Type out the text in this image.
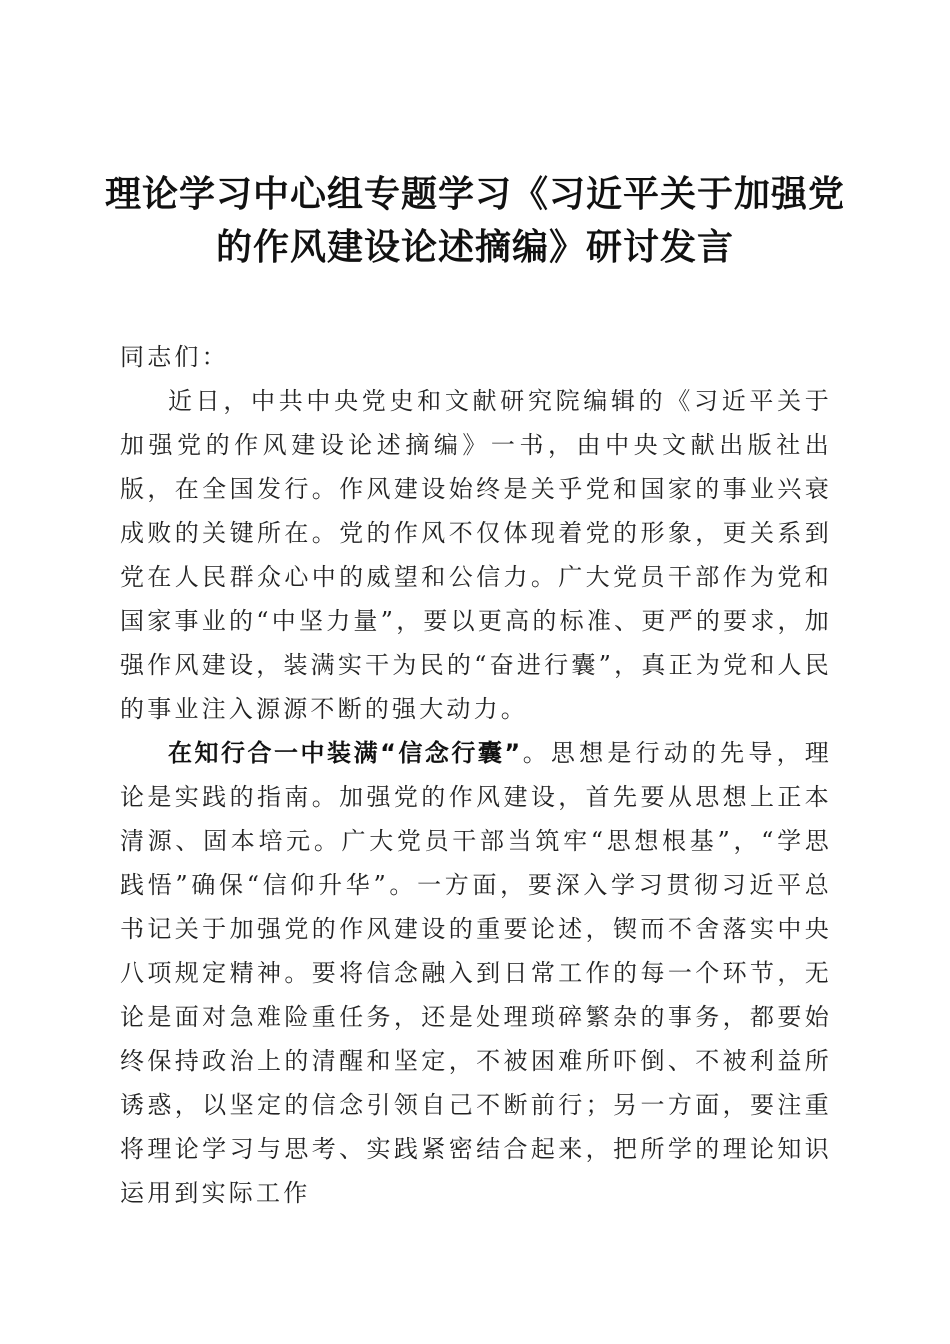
理论学习中心组专题学习《习近平关于加强党
的作风建设论述摘编》研讨发言

同志们：

近日，中共中央党史和文献研究院编辑的《习近平关于加强党的作风建设论述摘编》一书，由中央文献出版社出版，在全国发行。作风建设始终是关乎党和国家的事业兴衰成败的关键所在。党的作风不仅体现着党的形象，更关系到党在人民群众心中的威望和公信力。广大党员干部作为党和国家事业的“中坚力量”，要以更高的标准、更严的要求，加强作风建设，装满实干为民的“奋进行囊”，真正为党和人民的事业注入源源不断的强大动力。

在知行合一中装满“信念行囊”。思想是行动的先导，理论是实践的指南。加强党的作风建设，首先要从思想上正本清源、固本培元。广大党员干部当筑牢“思想根基”，“学思践悟”确保“信仰升华”。一方面，要深入学习贯彻习近平总书记关于加强党的作风建设的重要论述，锲而不舍落实中央八项规定精神。要将信念融入到日常工作的每一个环节，无论是面对急难险重任务，还是处理琐碎繁杂的事务，都要始终保持政治上的清醒和坚定，不被困难所吓倒、不被利益所诱惑，以坚定的信念引领自己不断前行；另一方面，要注重将理论学习与思考、实践紧密结合起来，把所学的理论知识运用到实际工作
